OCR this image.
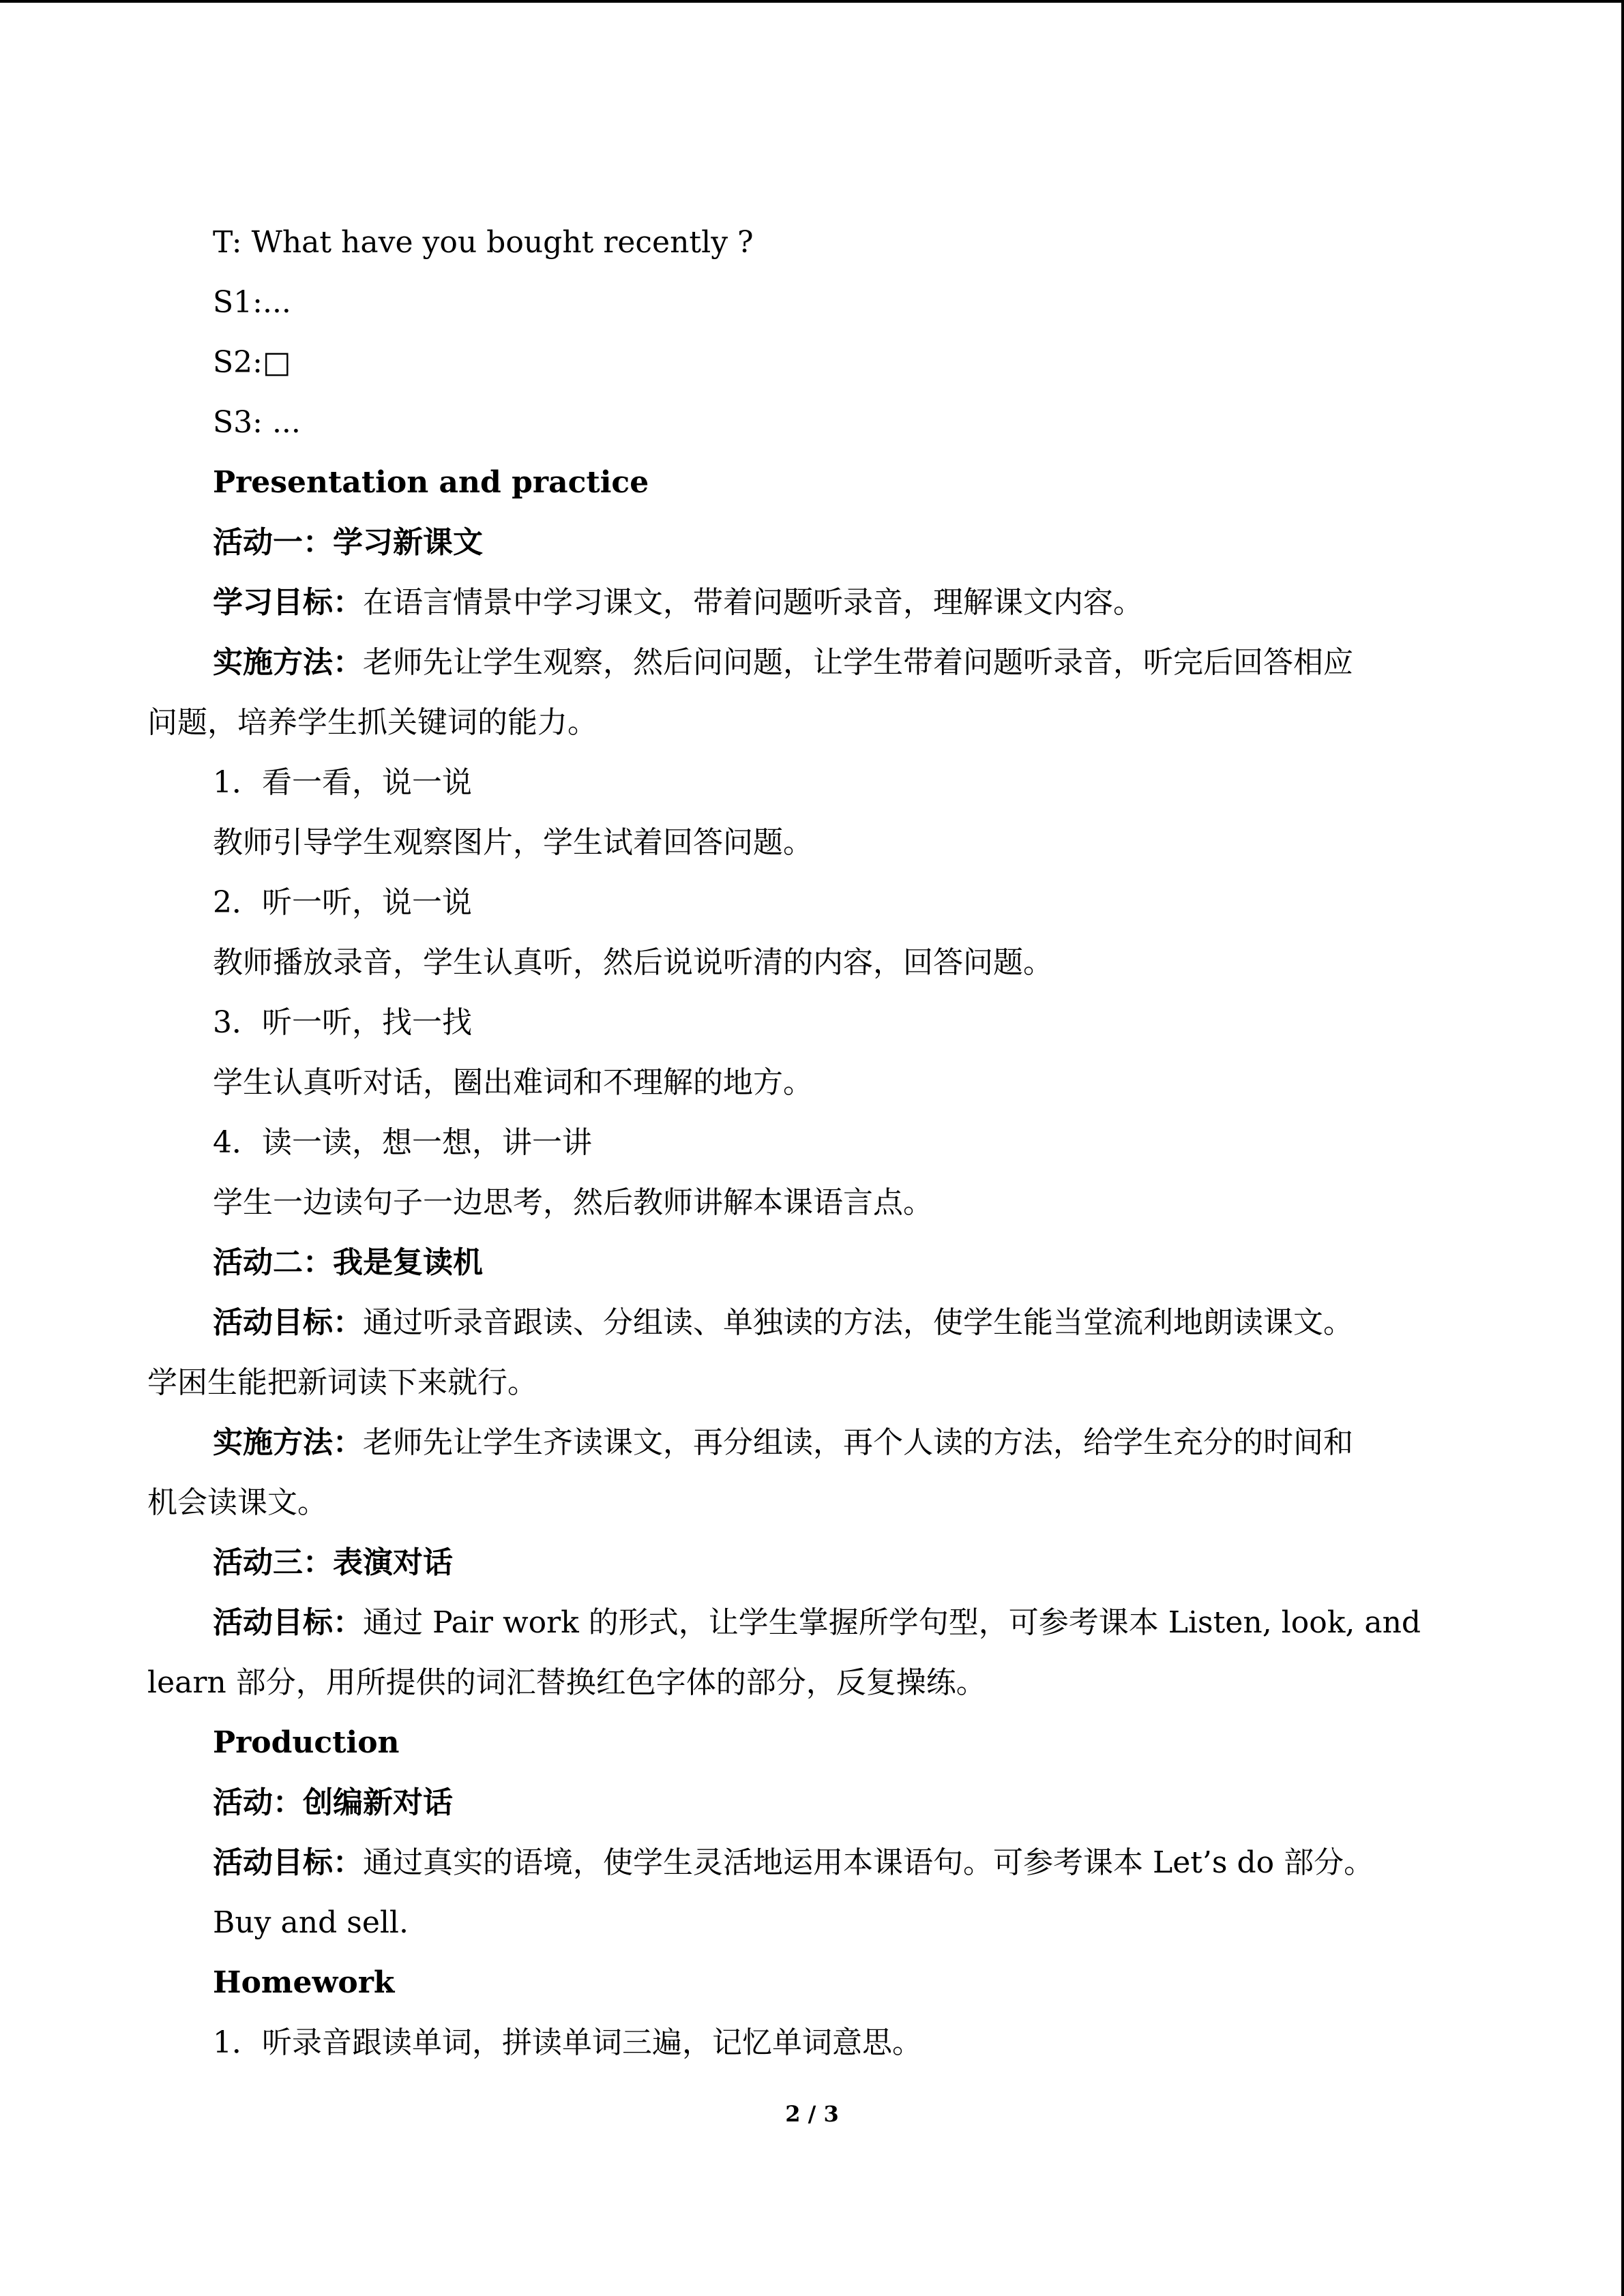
T: What have you bought recently ?
S1:...
S2:□
S3: ...
Presentation and practice
活动一：学习新课文
学习目标：在语言情景中学习课文，带着问题听录音，理解课文内容。
实施方法：老师先让学生观察，然后问问题，让学生带着问题听录音，听完后回答相应
问题，培养学生抓关键词的能力。
1．看一看，说一说
教师引导学生观察图片，学生试着回答问题。
2．听一听，说一说
教师播放录音，学生认真听，然后说说听清的内容，回答问题。
3．听一听，找一找
学生认真听对话，圈出难词和不理解的地方。
4．读一读，想一想，讲一讲
学生一边读句子一边思考，然后教师讲解本课语言点。
活动二：我是复读机
活动目标：通过听录音跟读、分组读、单独读的方法，使学生能当堂流利地朗读课文。
学困生能把新词读下来就行。
实施方法：老师先让学生齐读课文，再分组读，再个人读的方法，给学生充分的时间和
机会读课文。
活动三：表演对话
活动目标：通过 Pair work 的形式，让学生掌握所学句型，可参考课本 Listen, look, and
learn 部分，用所提供的词汇替换红色字体的部分，反复操练。
Production
活动：创编新对话
活动目标：通过真实的语境，使学生灵活地运用本课语句。可参考课本 Let’s do 部分。
Buy and sell.
Homework
1．听录音跟读单词，拼读单词三遍，记忆单词意思。
2 / 3
